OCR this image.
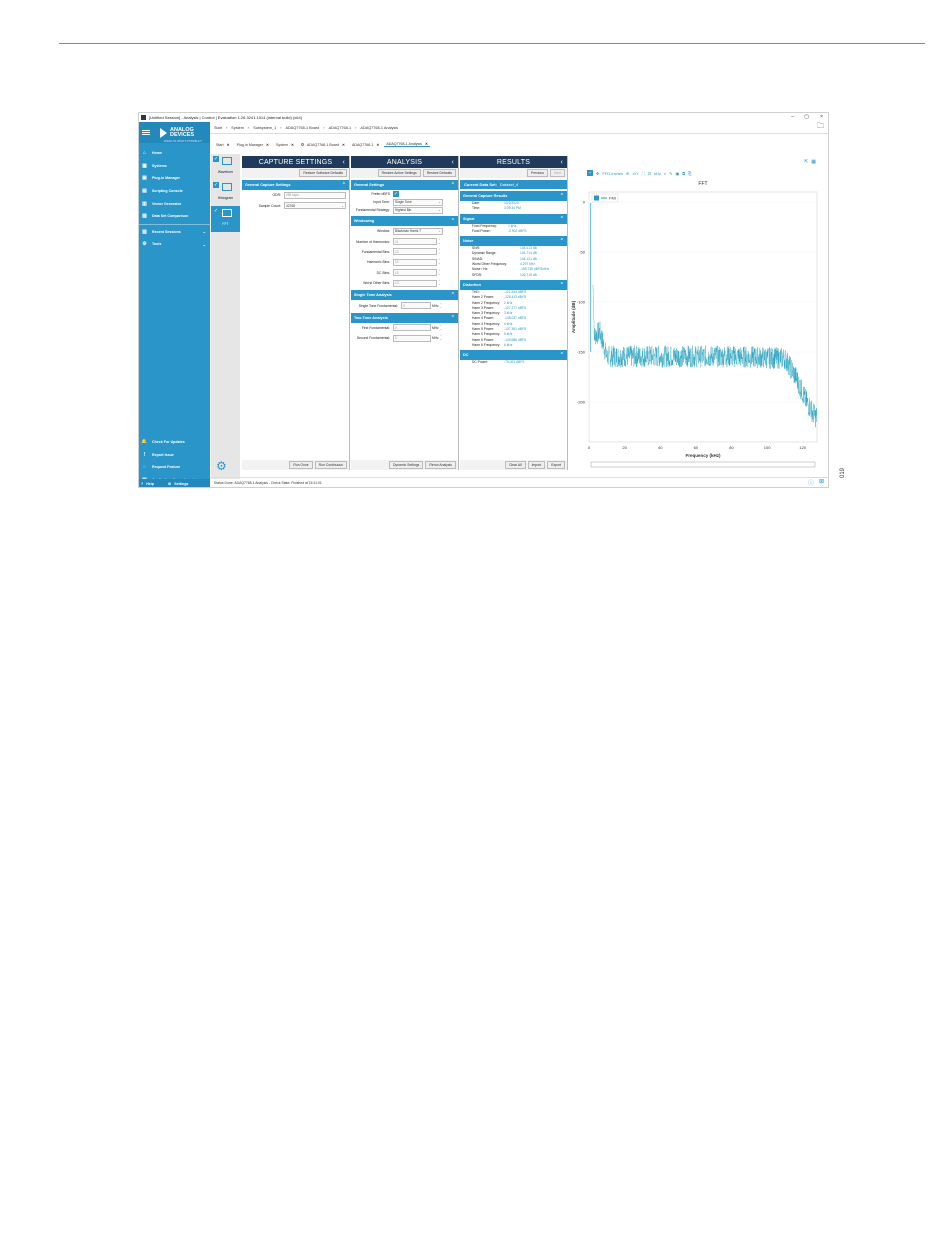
019
[Untitled Session] - Analysis | Control | Evaluation 1.26.3241.1014 (internal build) (x64)	– ▢ ×
ANALOG
DEVICES
AHEAD OF WHAT'S POSSIBLE™
⌂	Home
▦	Systems
▣	Plug-in Manager
▤	Scripting Console
▥	Vector Generator
▧	Data Set Comparison
▨	Recent Sessions	⌄
⚙	Tools	⌄
🔔 Check For Updates
!	Report Issue
◌	Request Feature
? Help	⚙ Settings
Start › System › Subsystem_1 › ADAQ7768-1 Board › ADAQ7768-1 › ADAQ7768-1 Analysis	🗀
Start ✕ Plug-in Manager ✕ System ✕	ADAQ7768-1 Board ✕ ADAQ7768-1 ✕ ADAQ7768-1 Analysis ✕
✓
Waveform
✓
Histogram
✓
FFT
⚙
CAPTURE SETTINGS ‹
Restore Software Defaults
General Capture Settings	⌃
ODR:	256 ksps
Sample Count:	32768	⌄
Run Once	Run Continuous
ANALYSIS	‹
Restore Active Settings	Restore Defaults
General Settings	⌃
Prefer dBFS ✓
Input Tone:	Single Tone	⌄
Fundamental Strategy:	Highest Bin	⌄
Windowing	⌃
Window:	Blackman Harris 7	⌄
Number of Harmonics:	11	⌃
⌄
Fundamental Bins:	13	⌃
⌄
Harmonic Bins:	13	⌃
⌄
DC Bins:	13	⌃
⌄
Worst Other Bins:	13	⌃
⌄
Single Tone Analysis	⌃
Single Tone Fundamental:	0	MHz ⌃
⌄
Two-Tone Analysis	⌃
First Fundamental:	0	MHz ⌃
⌄
Second Fundamental:	0	MHz ⌃
⌄
Dynamic Settings	Rerun Analysis
RESULTS	‹
Previous	Next
Current Data Set: Dataset_4
General Capture Results	⌃
Date:	10/2/2020
Time:	3:09:34 PM
Signal	⌃
Fund Frequency:	1 kHz
Fund Power:	-0.902 dBFS
Noise	⌃
SNR:	104.413 dB
Dynamic Range:	104.714 dB
SINAD:	104.121 dB
Worst Other Frequency:	4.297 kHz
Noise / Hz:	-155.736 dBFS/rtHz
SFDR:	126.715 dB
Distortion	⌃
THD:	-121.544 dBFS
Harm 2 Power:	-128.413 dBFS
Harm 2 Frequency:	2 kHz
Harm 3 Power:	-127.277 dBFS
Harm 3 Frequency:	3 kHz
Harm 4 Power:	-138.037 dBFS
Harm 4 Frequency:	4 kHz
Harm 5 Power:	-137.361 dBFS
Harm 5 Frequency:	5 kHz
Harm 6 Power:	-143.686 dBFS
Harm 6 Frequency:	6 kHz
DC	⌃
DC Power:	-79.091 dBFS
Clear All	Import	Export
⇱ ▦
+	✥ FFD-inches ⊕ X/Y ⛶ ⊡ kHz ⌕ ✎ ▣ ⧉ ⎘
FFT
0
-50
-100
-150
-200
0	20	40	60	80	100	120
Frequency (kHz)
Amplitude (dB)
FMI
Status Done: ADAQ7768-1 Analysis - Check State: Finished at 15:11:01	ⓘ ⊠
